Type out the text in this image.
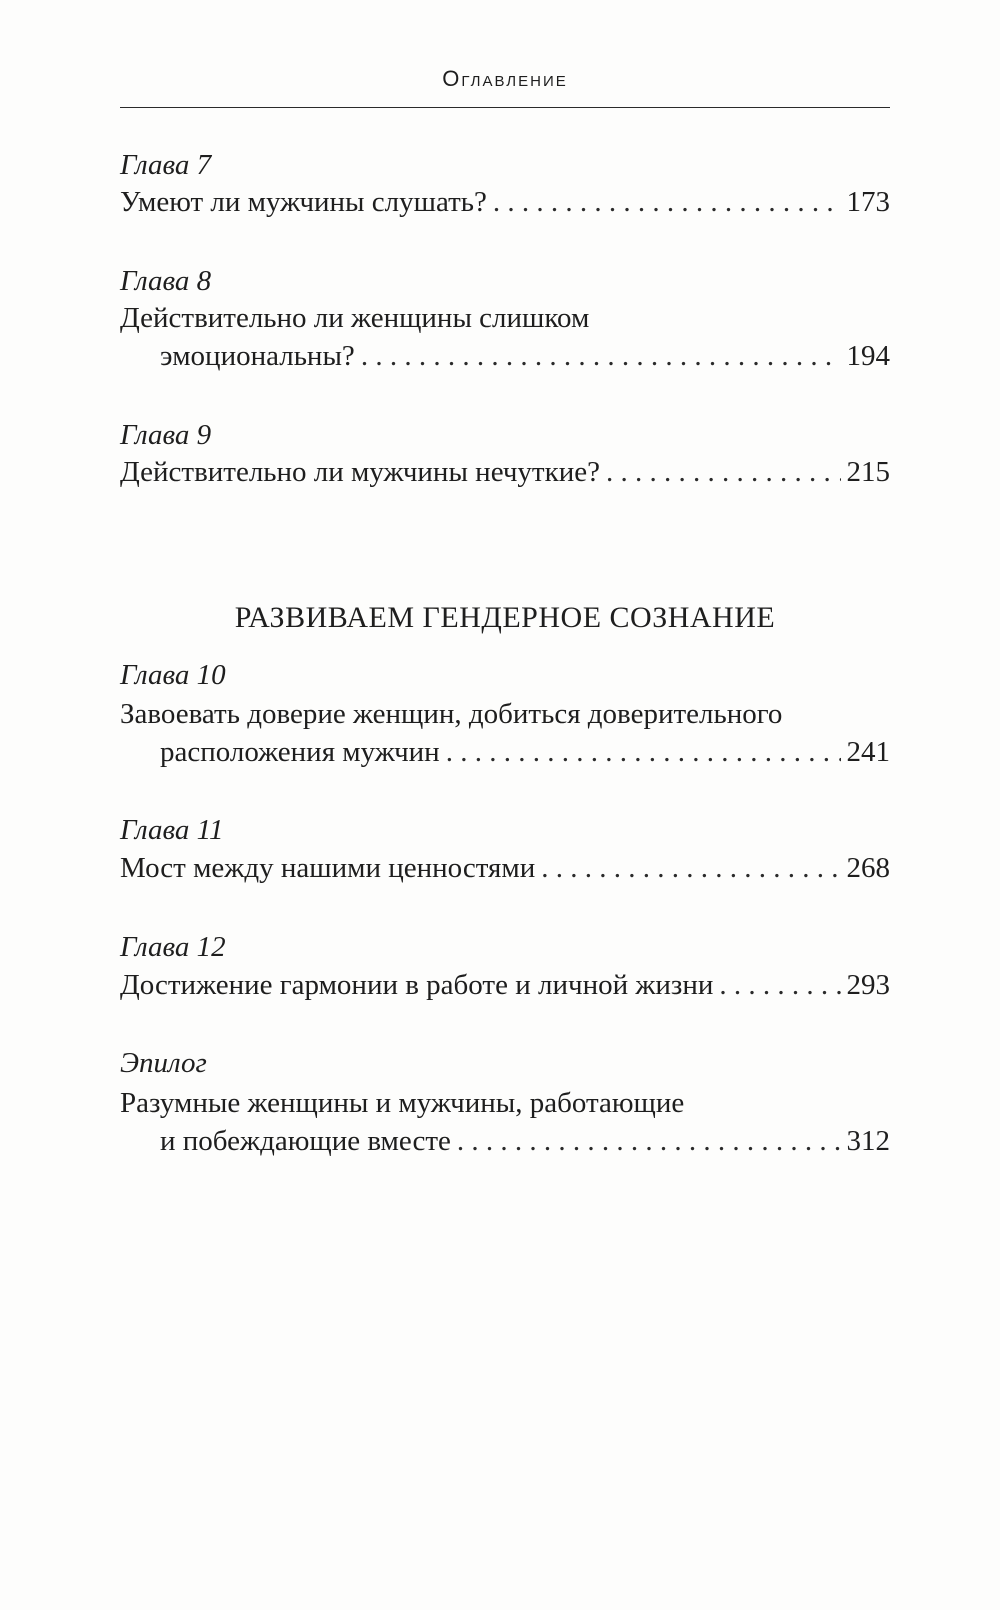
Оглавление
Глава 7
Умеют ли мужчины слушать? . . .	173
Глава 8
Действительно ли женщины слишком
эмоциональны? . . .	194
Глава 9
Действительно ли мужчины нечуткие? . . .	215
РАЗВИВАЕМ ГЕНДЕРНОЕ СОЗНАНИЕ
Глава 10
Завоевать доверие женщин, добиться доверительного
расположения мужчин . . .	241
Глава 11
Мост между нашими ценностями . . .	268
Глава 12
Достижение гармонии в работе и личной жизни . . .	293
Эпилог
Разумные женщины и мужчины, работающие
и побеждающие вместе . . .	312
